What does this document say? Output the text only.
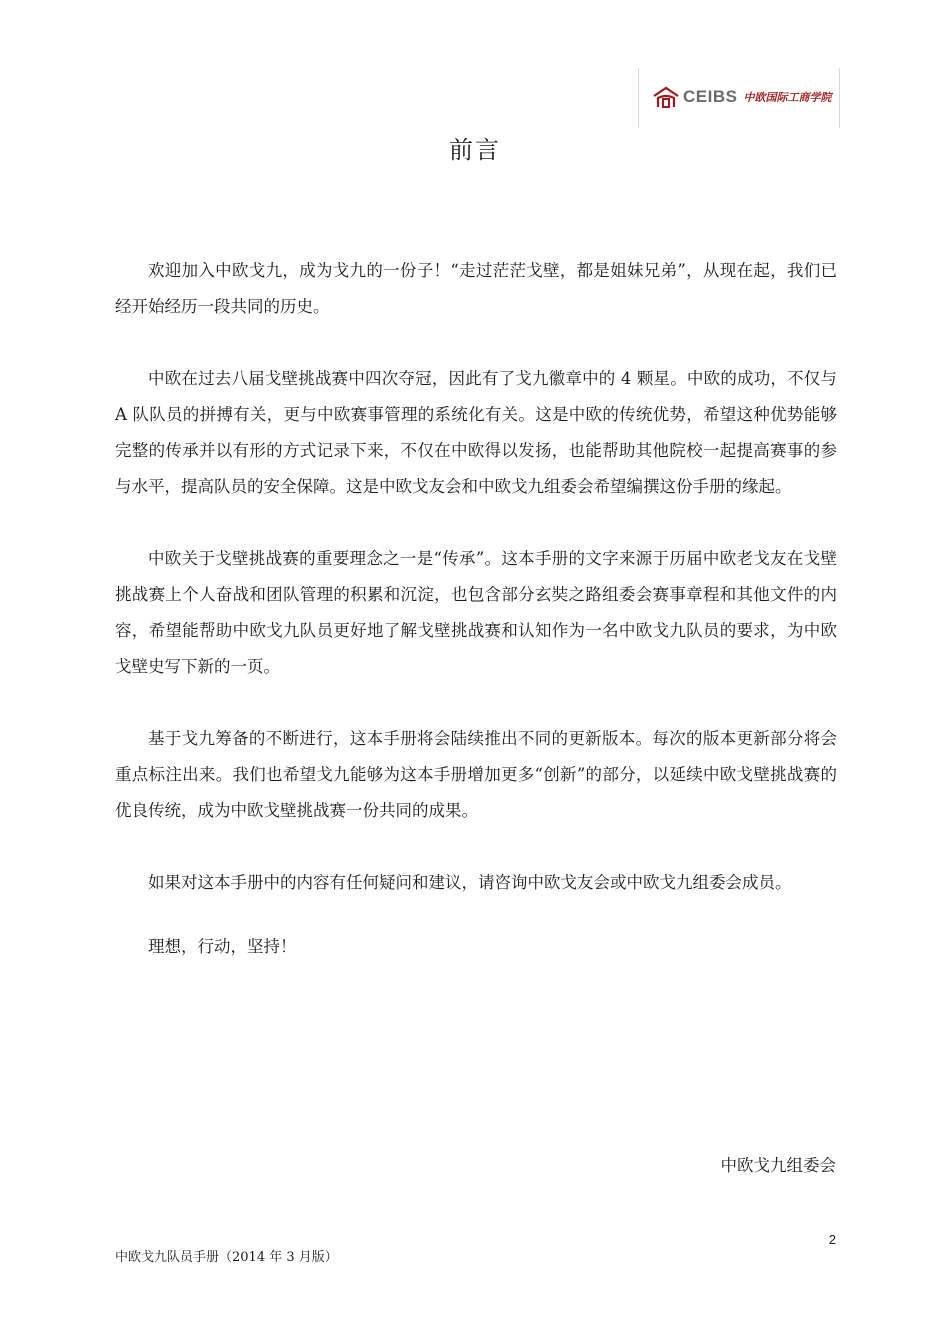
CEIBS 中欧国际工商学院
前言

欢迎加入中欧戈九，成为戈九的一份子！“走过茫茫戈壁，都是姐妹兄弟”，从现在起，我们已经开始经历一段共同的历史。

中欧在过去八届戈壁挑战赛中四次夺冠，因此有了戈九徽章中的 4 颗星。中欧的成功，不仅与 A 队队员的拼搏有关，更与中欧赛事管理的系统化有关。这是中欧的传统优势，希望这种优势能够完整的传承并以有形的方式记录下来，不仅在中欧得以发扬，也能帮助其他院校一起提高赛事的参与水平，提高队员的安全保障。这是中欧戈友会和中欧戈九组委会希望编撰这份手册的缘起。

中欧关于戈壁挑战赛的重要理念之一是“传承”。这本手册的文字来源于历届中欧老戈友在戈壁挑战赛上个人奋战和团队管理的积累和沉淀，也包含部分玄奘之路组委会赛事章程和其他文件的内容，希望能帮助中欧戈九队员更好地了解戈壁挑战赛和认知作为一名中欧戈九队员的要求，为中欧戈壁史写下新的一页。

基于戈九筹备的不断进行，这本手册将会陆续推出不同的更新版本。每次的版本更新部分将会重点标注出来。我们也希望戈九能够为这本手册增加更多“创新”的部分，以延续中欧戈壁挑战赛的优良传统，成为中欧戈壁挑战赛一份共同的成果。

如果对这本手册中的内容有任何疑问和建议，请咨询中欧戈友会或中欧戈九组委会成员。

理想，行动，坚持！

中欧戈九组委会
2
中欧戈九队员手册（2014 年 3 月版）
